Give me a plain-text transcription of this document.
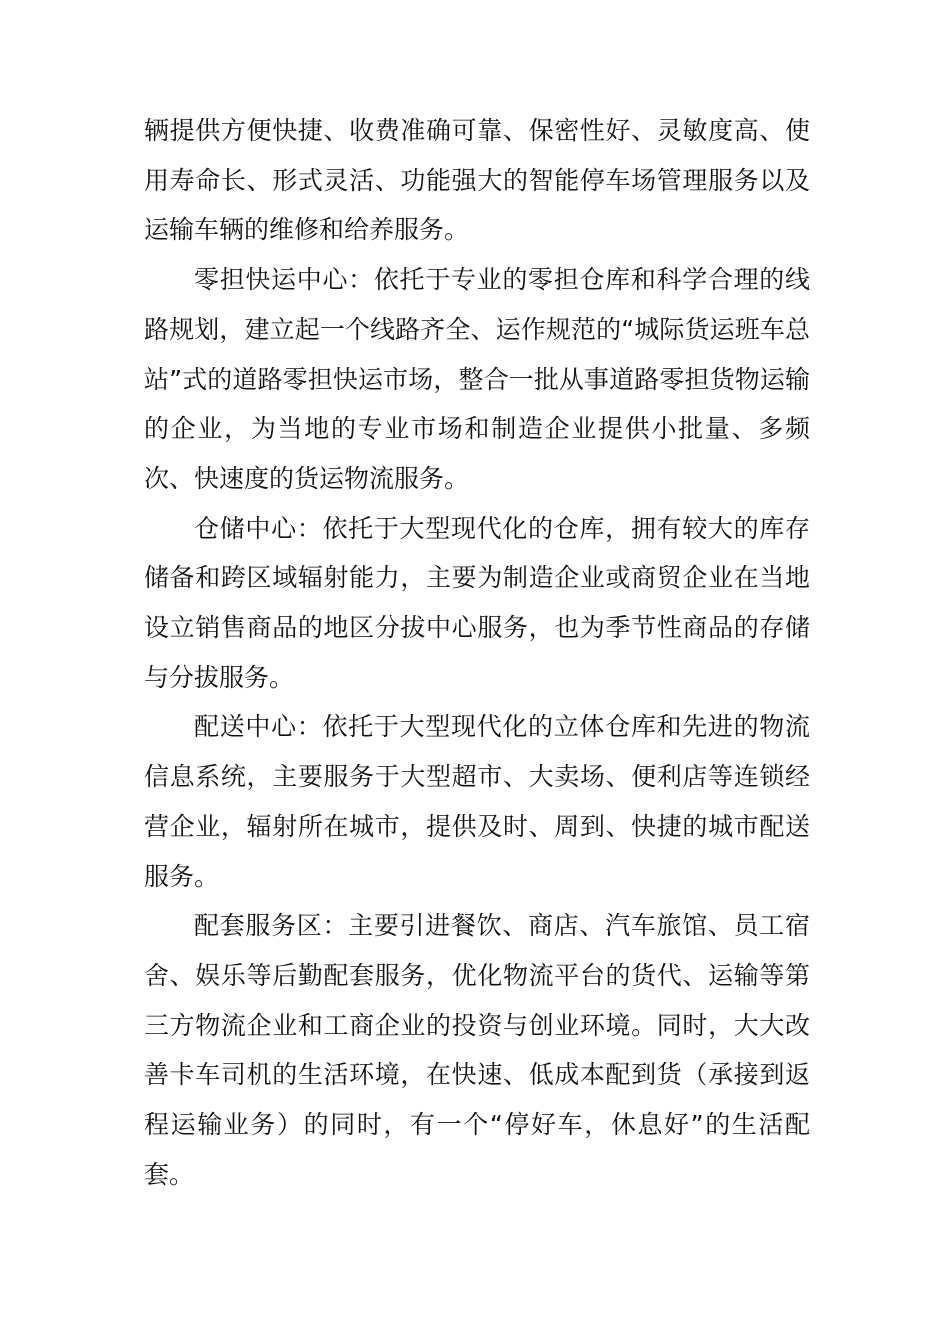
辆提供方便快捷、收费准确可靠、保密性好、灵敏度高、使用寿命长、形式灵活、功能强大的智能停车场管理服务以及运输车辆的维修和给养服务。

零担快运中心：依托于专业的零担仓库和科学合理的线路规划，建立起一个线路齐全、运作规范的“城际货运班车总站”式的道路零担快运市场，整合一批从事道路零担货物运输的企业，为当地的专业市场和制造企业提供小批量、多频次、快速度的货运物流服务。

仓储中心：依托于大型现代化的仓库，拥有较大的库存储备和跨区域辐射能力，主要为制造企业或商贸企业在当地设立销售商品的地区分拔中心服务，也为季节性商品的存储与分拔服务。

配送中心：依托于大型现代化的立体仓库和先进的物流信息系统，主要服务于大型超市、大卖场、便利店等连锁经营企业，辐射所在城市，提供及时、周到、快捷的城市配送服务。

配套服务区：主要引进餐饮、商店、汽车旅馆、员工宿舍、娱乐等后勤配套服务，优化物流平台的货代、运输等第三方物流企业和工商企业的投资与创业环境。同时，大大改善卡车司机的生活环境，在快速、低成本配到货（承接到返程运输业务）的同时，有一个“停好车，休息好”的生活配套。
